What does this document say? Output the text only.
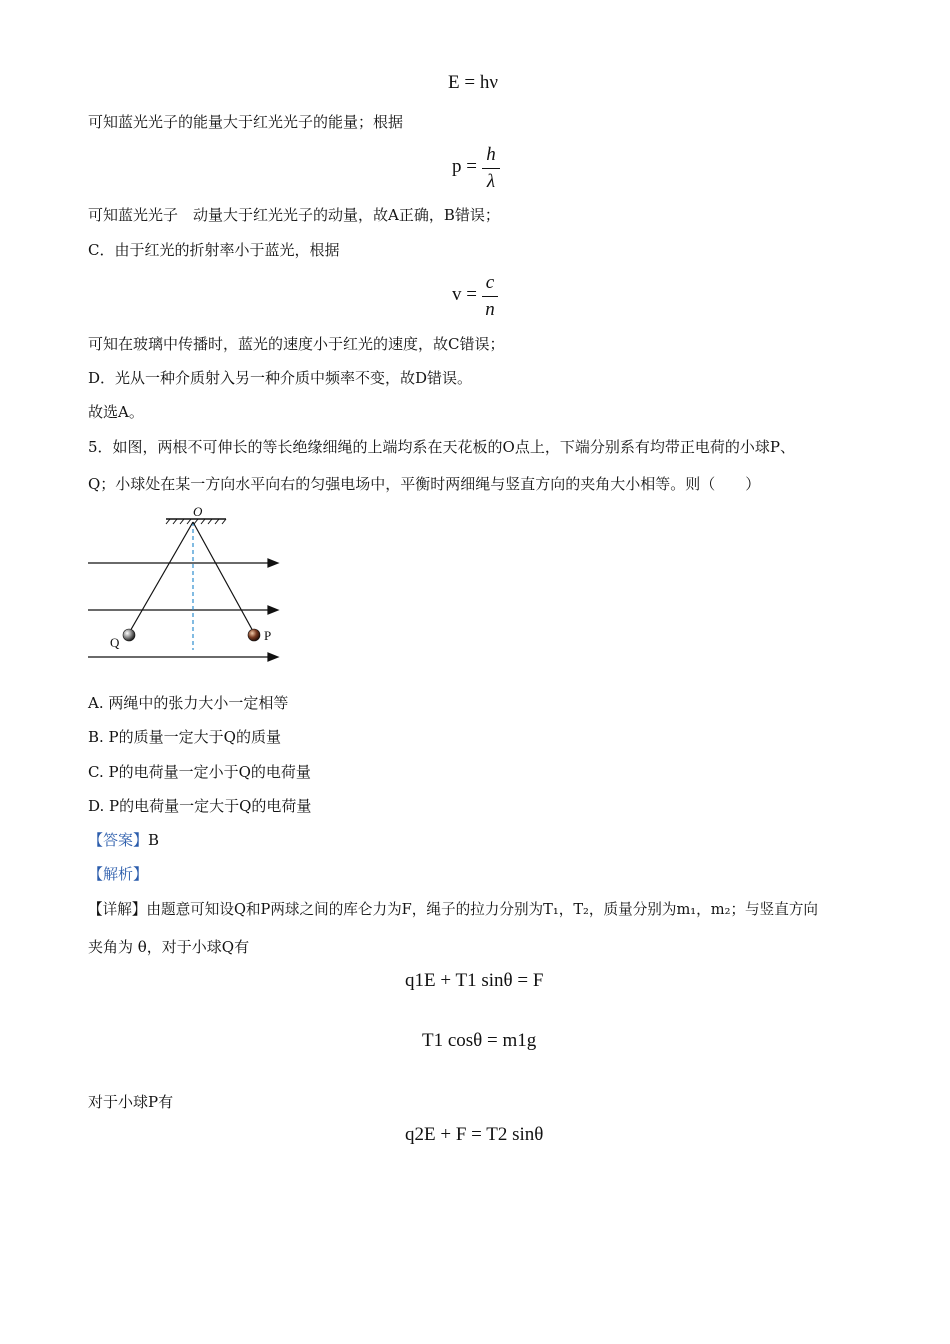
E = hν
可知蓝光光子的能量大于红光光子的能量；根据
p =
h
λ
可知蓝光光子　动量大于红光光子的动量，故A正确，B错误；
C．由于红光的折射率小于蓝光，根据
v =
c
n
可知在玻璃中传播时，蓝光的速度小于红光的速度，故C错误；
D．光从一种介质射入另一种介质中频率不变，故D错误。
故选A。
5．如图，两根不可伸长的等长绝缘细绳的上端均系在天花板的O点上，下端分别系有均带正电荷的小球P、
Q；小球处在某一方向水平向右的匀强电场中，平衡时两细绳与竖直方向的夹角大小相等。则（　　）
O
Q	P
A. 两绳中的张力大小一定相等
B. P的质量一定大于Q的质量
C. P的电荷量一定小于Q的电荷量
D. P的电荷量一定大于Q的电荷量
【答案】B
【解析】
【详解】由题意可知设Q和P两球之间的库仑力为F，绳子的拉力分别为T₁，T₂，质量分别为m₁，m₂；与竖直方向
夹角为 θ，对于小球Q有
q1E + T1 sinθ = F
T1 cosθ = m1g
对于小球P有
q2E + F = T2 sinθ
